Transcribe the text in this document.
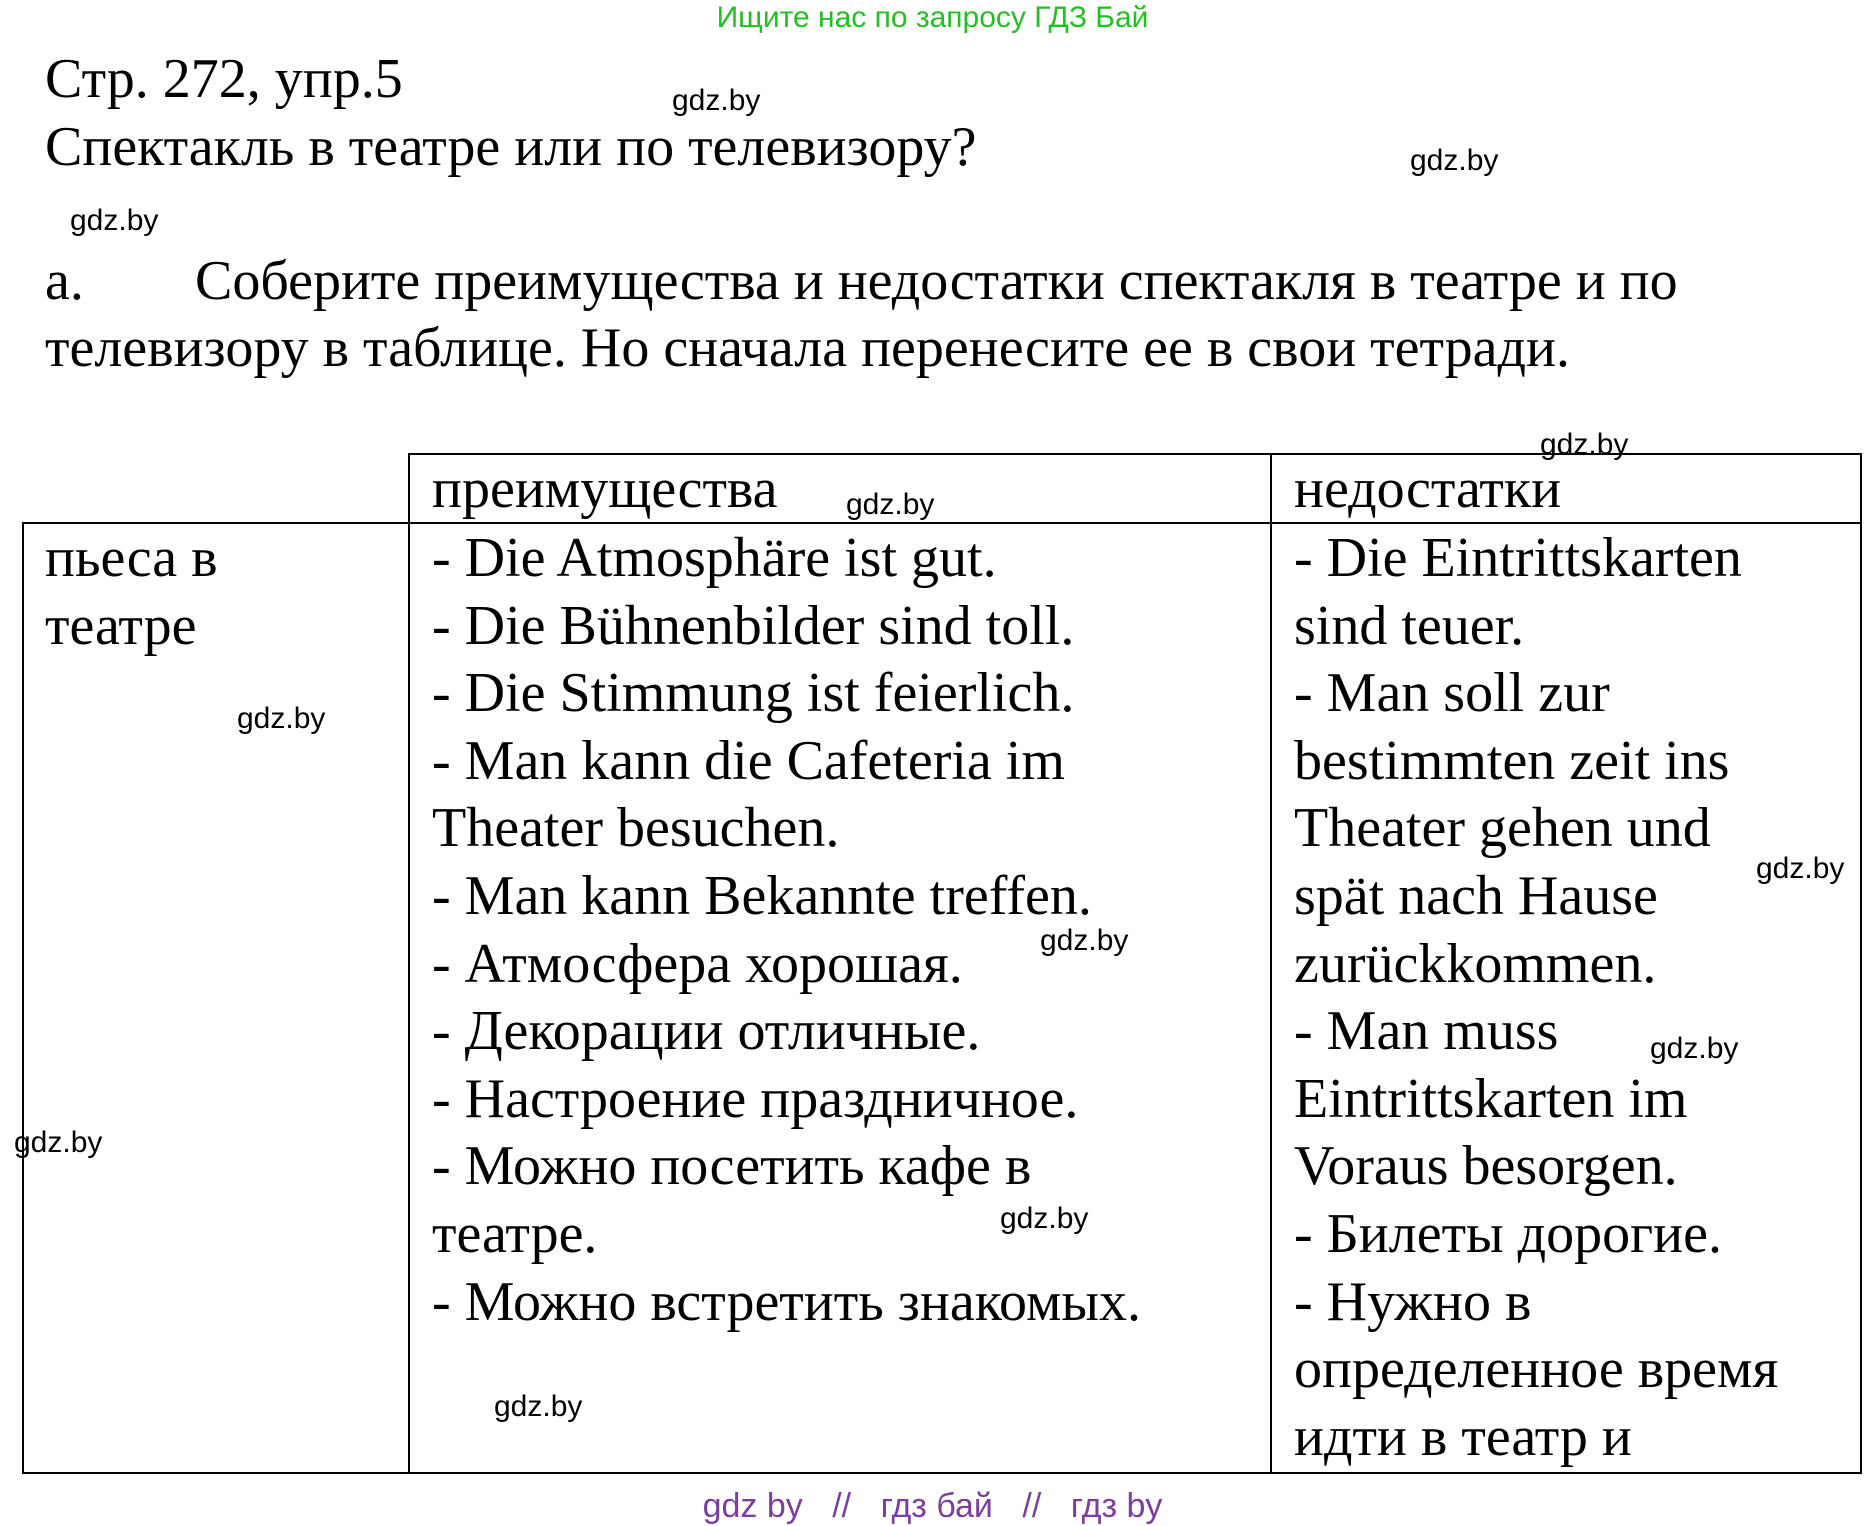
Ищите нас по запросу ГДЗ Бай
Стр. 272, упр.5
Спектакль в театре или по телевизору?
a. Соберите преимущества и недостатки спектакля в театре и по
телевизору в таблице. Но сначала перенесите ее в свои тетради.
преимущества	недостатки
пьеса в
театре
- Die Atmosphäre ist gut.
- Die Bühnenbilder sind toll.
- Die Stimmung ist feierlich.
- Man kann die Cafeteria im
Theater besuchen.
- Man kann Bekannte treffen.
- Атмосфера хорошая.
- Декорации отличные.
- Настроение праздничное.
- Можно посетить кафе в
театре.
- Можно встретить знакомых.
- Die Eintrittskarten
sind teuer.
- Man soll zur
bestimmten zeit ins
Theater gehen und
spät nach Hause
zurückkommen.
- Man muss
Eintrittskarten im
Voraus besorgen.
- Билеты дорогие.
- Нужно в
определенное время
идти в театр и
gdz.by
gdz.by
gdz.by
gdz.by
gdz.by
gdz.by
gdz.by
gdz.by
gdz.by
gdz.by
gdz.by
gdz.by
gdz by // гдз бай // гдз by
